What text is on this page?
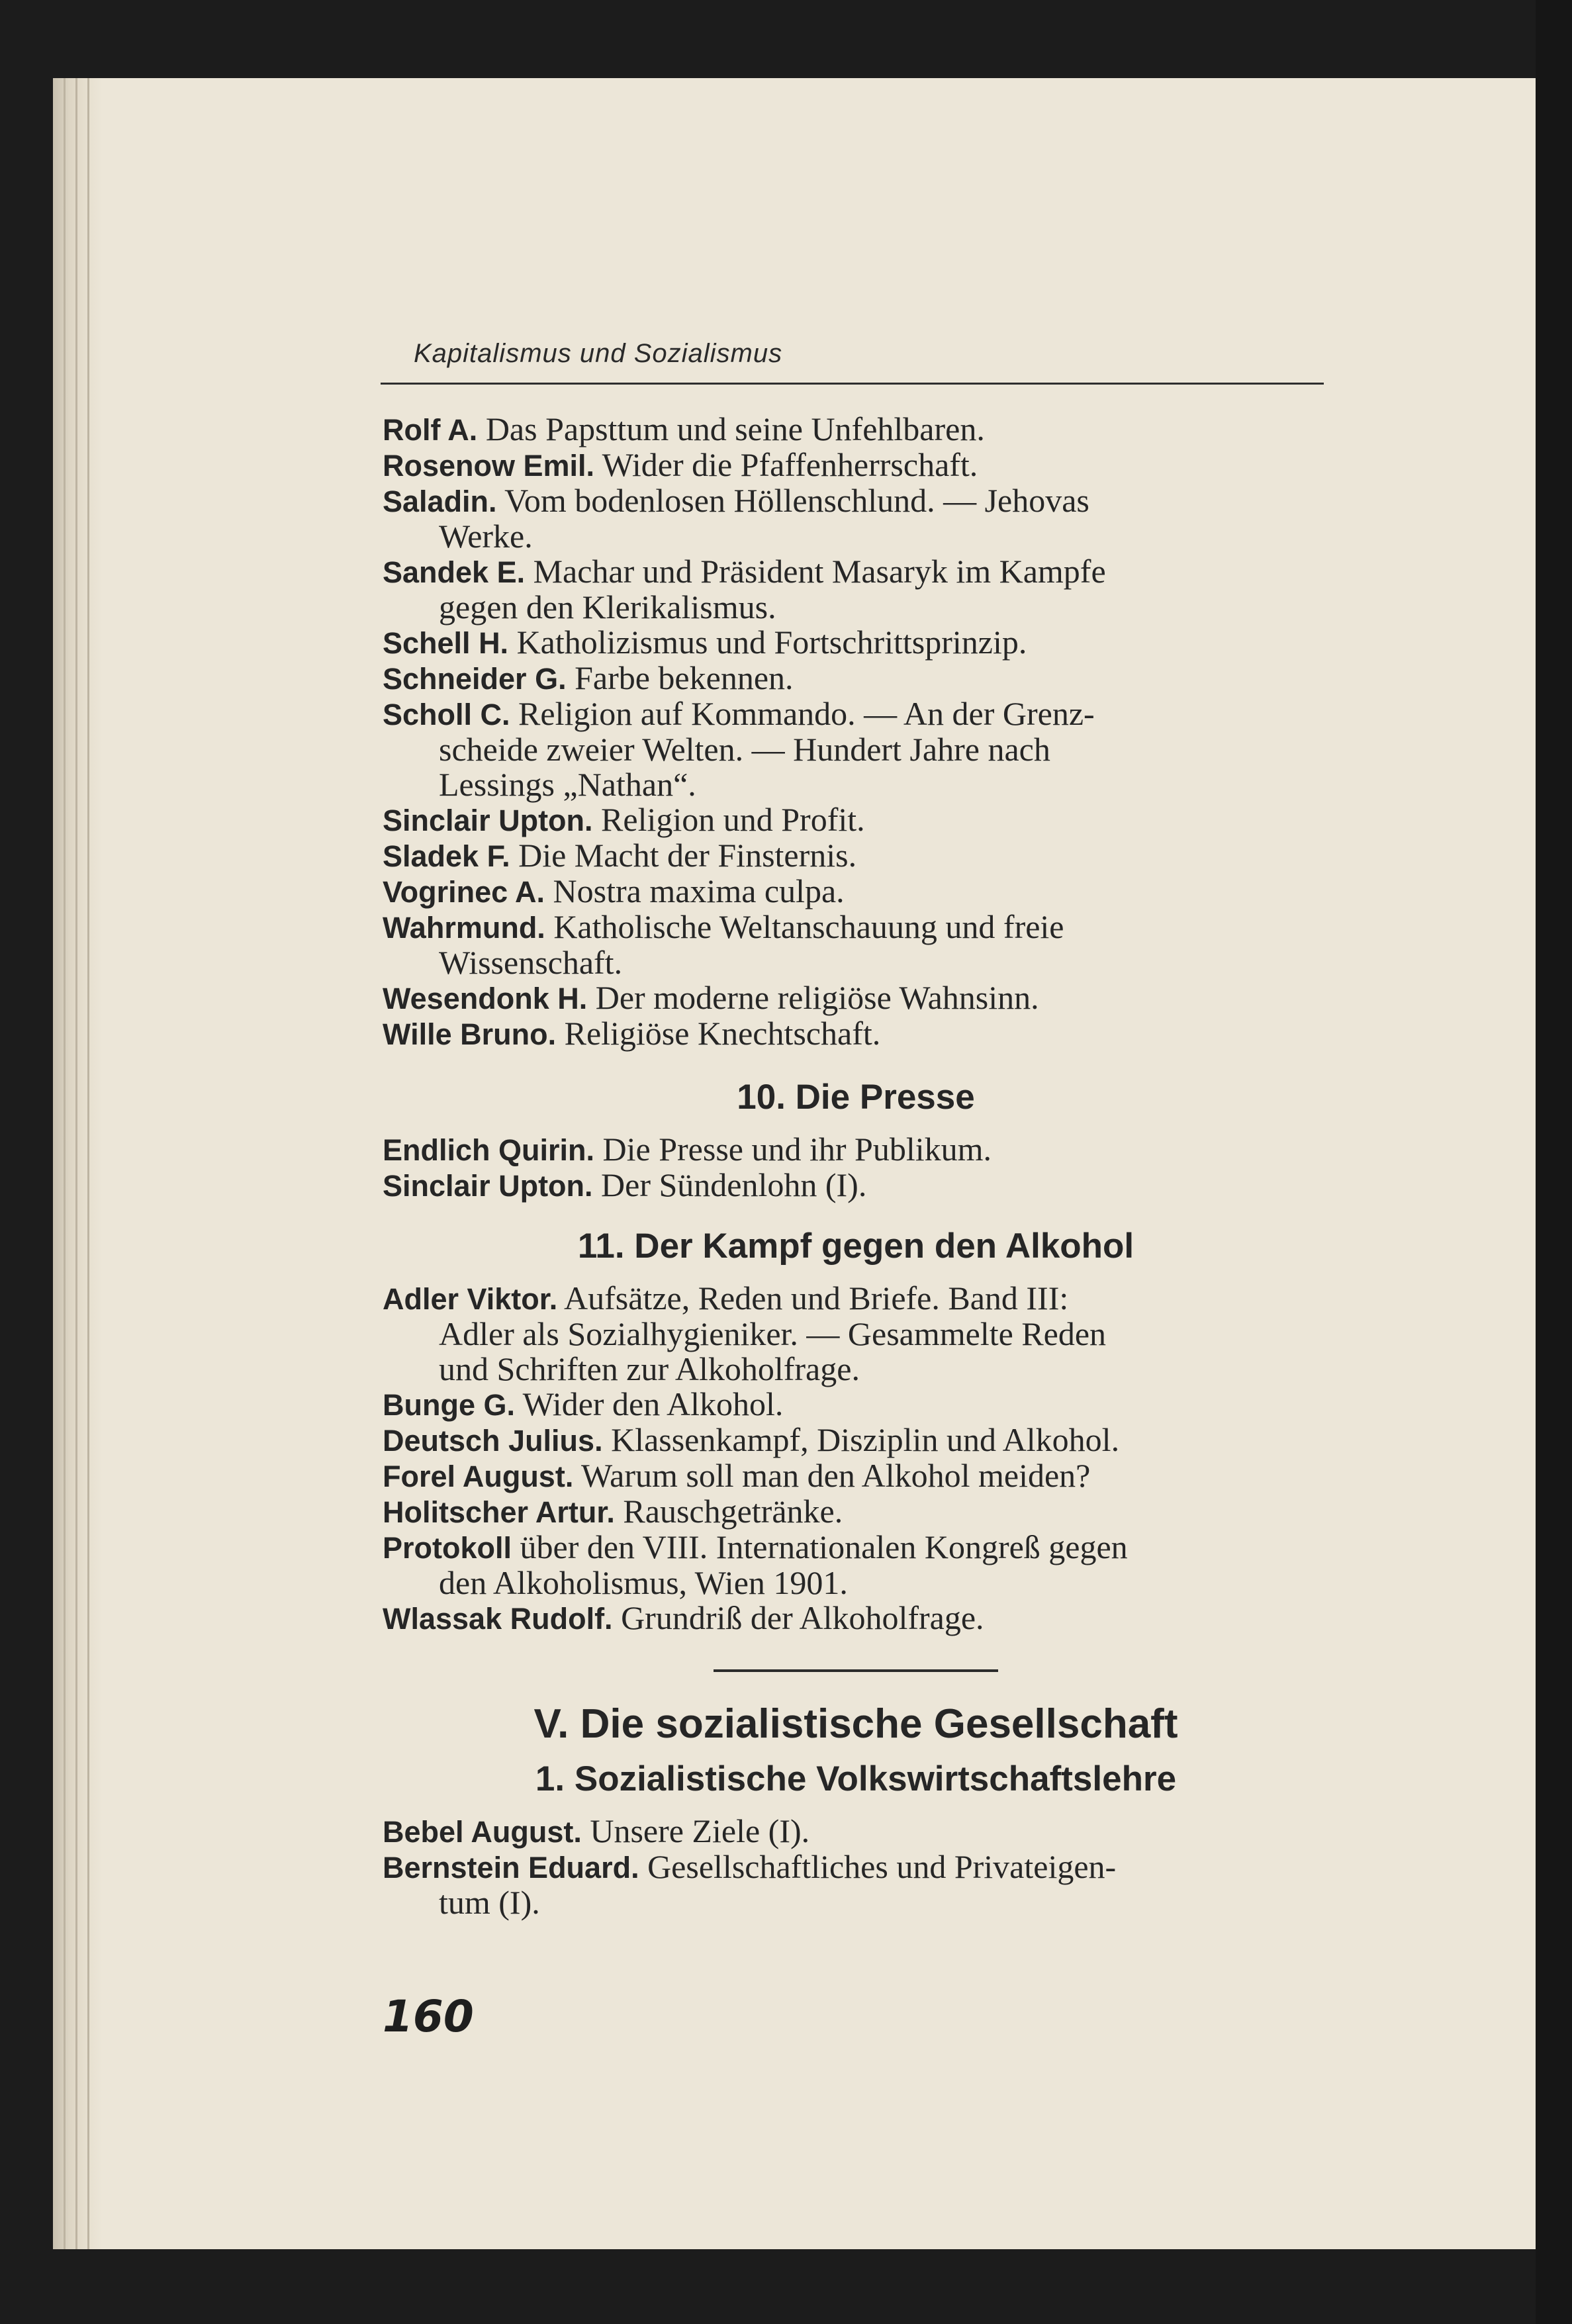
Kapitalismus und Sozialismus

Rolf A. Das Papsttum und seine Unfehlbaren.

Rosenow Emil. Wider die Pfaffenherrschaft.

Saladin. Vom bodenlosen Höllenschlund. — Jehovas

Werke.

Sandek E. Machar und Präsident Masaryk im Kampfe

gegen den Klerikalismus.

Schell H. Katholizismus und Fortschrittsprinzip.

Schneider G. Farbe bekennen.

Scholl C. Religion auf Kommando. — An der Grenz-

scheide zweier Welten. — Hundert Jahre nach

Lessings „Nathan“.

Sinclair Upton. Religion und Profit.

Sladek F. Die Macht der Finsternis.

Vogrinec A. Nostra maxima culpa.

Wahrmund. Katholische Weltanschauung und freie

Wissenschaft.

Wesendonk H. Der moderne religiöse Wahnsinn.

Wille Bruno. Religiöse Knechtschaft.

10. Die Presse

Endlich Quirin. Die Presse und ihr Publikum.

Sinclair Upton. Der Sündenlohn (I).

11. Der Kampf gegen den Alkohol

Adler Viktor. Aufsätze, Reden und Briefe. Band III:

Adler als Sozialhygieniker. — Gesammelte Reden

und Schriften zur Alkoholfrage.

Bunge G. Wider den Alkohol.

Deutsch Julius. Klassenkampf, Disziplin und Alkohol.

Forel August. Warum soll man den Alkohol meiden?

Holitscher Artur. Rauschgetränke.

Protokoll über den VIII. Internationalen Kongreß gegen

den Alkoholismus, Wien 1901.

Wlassak Rudolf. Grundriß der Alkoholfrage.

V. Die sozialistische Gesellschaft
1. Sozialistische Volkswirtschaftslehre

Bebel August. Unsere Ziele (I).

Bernstein Eduard. Gesellschaftliches und Privateigen-

tum (I).

160
